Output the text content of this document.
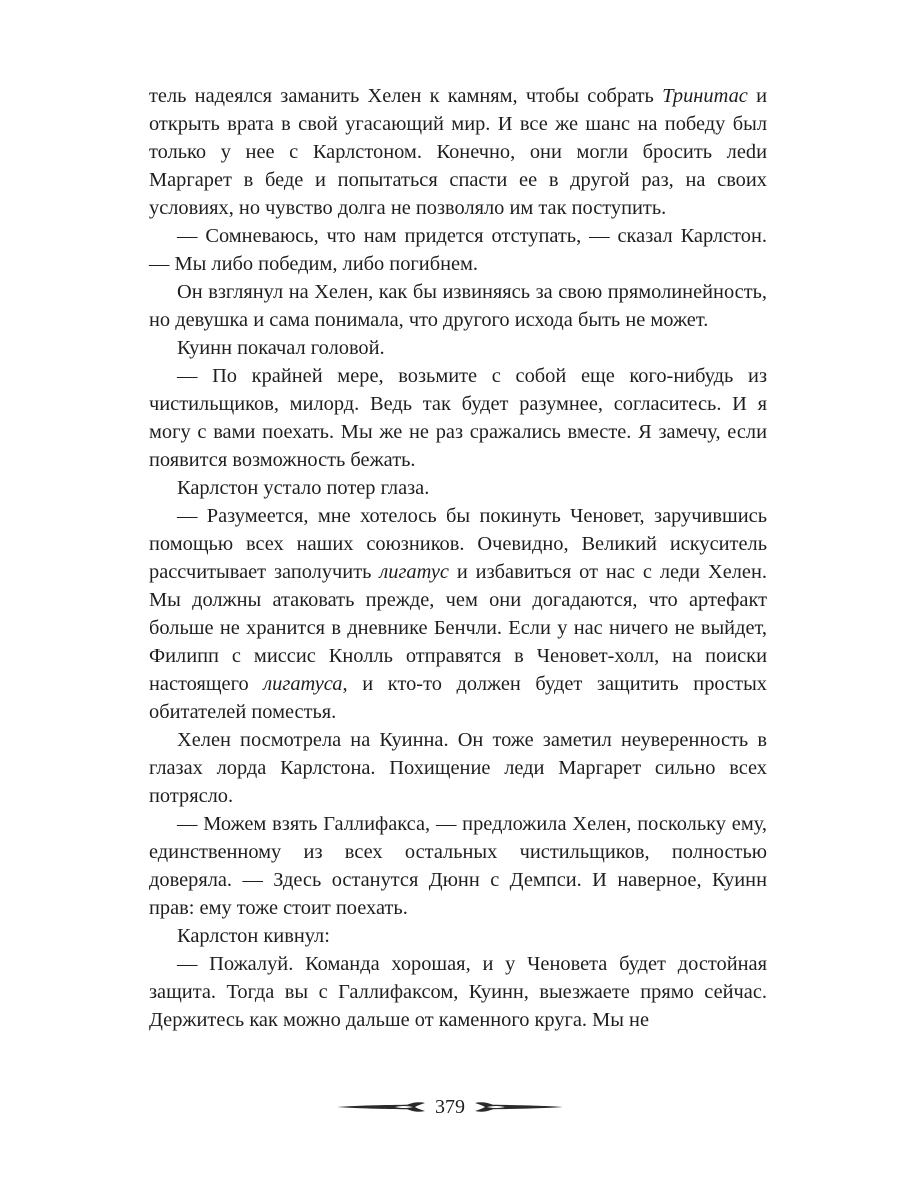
тель надеялся заманить Хелен к камням, чтобы собрать Тринитас и открыть врата в свой угасающий мир. И все же шанс на победу был только у нее с Карлстоном. Конечно, они могли бросить леdи Маргарет в беде и попытаться спасти ее в другой раз, на своих условиях, но чувство долга не позволяло им так поступить.

— Сомневаюсь, что нам придется отступать, — сказал Карлстон. — Мы либо победим, либо погибнем.

Он взглянул на Хелен, как бы извиняясь за свою прямолинейность, но девушка и сама понимала, что другого исхода быть не может.

Куинн покачал головой.

— По крайней мере, возьмите с собой еще кого-нибудь из чистильщиков, милорд. Ведь так будет разумнее, согласитесь. И я могу с вами поехать. Мы же не раз сражались вместе. Я замечу, если появится возможность бежать.

Карлстон устало потер глаза.

— Разумеется, мне хотелось бы покинуть Ченовет, заручившись помощью всех наших союзников. Очевидно, Великий искуситель рассчитывает заполучить лигатус и избавиться от нас с леди Хелен. Мы должны атаковать прежде, чем они догадаются, что артефакт больше не хранится в дневнике Бенчли. Если у нас ничего не выйдет, Филипп с миссис Кнолль отправятся в Ченовет-холл, на поиски настоящего лигатуса, и кто-то должен будет защитить простых обитателей поместья.

Хелен посмотрела на Куинна. Он тоже заметил неуверенность в глазах лорда Карлстона. Похищение леди Маргарет сильно всех потрясло.

— Можем взять Галлифакса, — предложила Хелен, поскольку ему, единственному из всех остальных чистильщиков, полностью доверяла. — Здесь останутся Дюнн с Демпси. И наверное, Куинн прав: ему тоже стоит поехать.

Карлстон кивнул:

— Пожалуй. Команда хорошая, и у Ченовета будет достойная защита. Тогда вы с Галлифаксом, Куинн, выезжаете прямо сейчас. Держитесь как можно дальше от каменного круга. Мы не

379
